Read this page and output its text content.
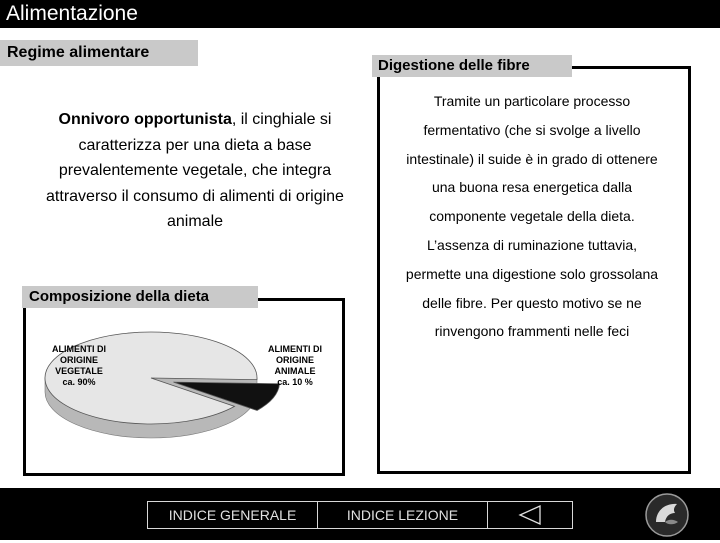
Alimentazione
Regime alimentare
Onnivoro opportunista, il cinghiale si caratterizza per una dieta a base prevalentemente vegetale, che integra attraverso il consumo di alimenti di origine animale
Digestione delle fibre
Tramite un particolare processo
fermentativo (che si svolge a livello
intestinale) il suide è in grado di ottenere
una buona resa energetica dalla
componente vegetale della dieta.
L’assenza di ruminazione tuttavia,
permette una digestione solo grossolana
delle fibre. Per questo motivo se ne
rinvengono frammenti nelle feci
Composizione della dieta
ALIMENTI DI
ORIGINE
VEGETALE
ca. 90%
ALIMENTI DI
ORIGINE
ANIMALE
ca. 10 %
INDICE GENERALE	INDICE LEZIONE
